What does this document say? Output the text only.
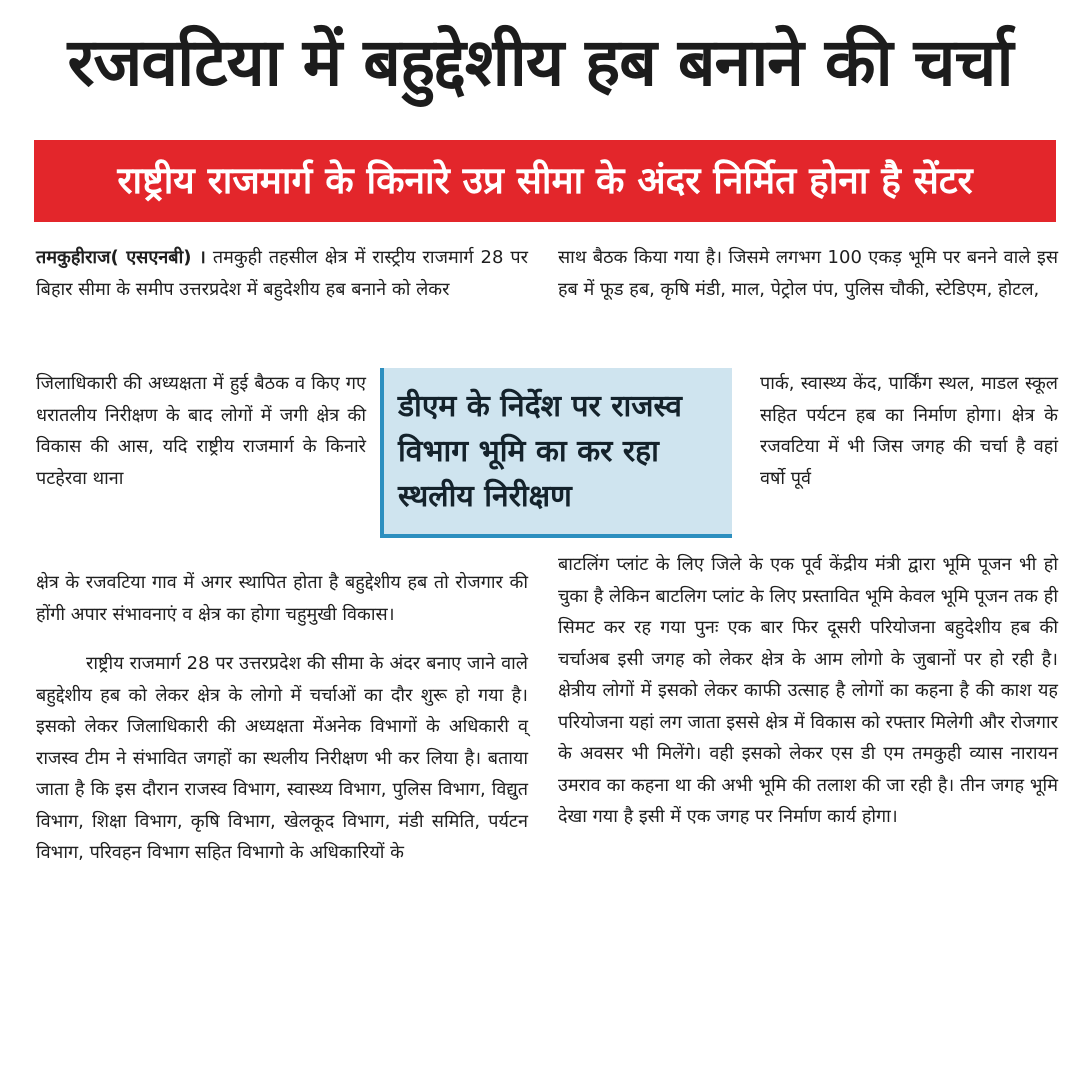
रजवटिया में बहुद्देशीय हब बनाने की चर्चा
राष्ट्रीय राजमार्ग के किनारे उप्र सीमा के अंदर निर्मित होना है सेंटर
तमकुहीराज( एसएनबी) । तमकुही तहसील क्षेत्र में रास्ट्रीय राजमार्ग 28 पर बिहार सीमा के समीप उत्तरप्रदेश में बहुदेशीय हब बनाने को लेकर
जिलाधिकारी की अध्यक्षता में हुई बैठक व किए गए धरातलीय निरीक्षण के बाद लोगों में जगी क्षेत्र की विकास की आस, यदि राष्ट्रीय राजमार्ग के किनारे पटहेरवा थाना
डीएम के निर्देश पर राजस्व विभाग भूमि का कर रहा स्थलीय निरीक्षण

क्षेत्र के रजवटिया गाव में अगर स्थापित होता है बहुद्देशीय हब तो रोजगार की होंगी अपार संभावनाएं व क्षेत्र का होगा चहुमुखी विकास।

राष्ट्रीय राजमार्ग 28 पर उत्तरप्रदेश की सीमा के अंदर बनाए जाने वाले बहुद्देशीय हब को लेकर क्षेत्र के लोगो में चर्चाओं का दौर शुरू हो गया है। इसको लेकर जिलाधिकारी की अध्यक्षता मेंअनेक विभागों के अधिकारी व् राजस्व टीम ने संभावित जगहों का स्थलीय निरीक्षण भी कर लिया है। बताया जाता है कि इस दौरान राजस्व विभाग, स्वास्थ्य विभाग, पुलिस विभाग, विद्युत विभाग, शिक्षा विभाग, कृषि विभाग, खेलकूद विभाग, मंडी समिति, पर्यटन विभाग, परिवहन विभाग सहित विभागो के अधिकारियों के

साथ बैठक किया गया है। जिसमे लगभग 100 एकड़ भूमि पर बनने वाले इस हब में फूड हब, कृषि मंडी, माल, पेट्रोल पंप, पुलिस चौकी, स्टेडिएम, होटल,
पार्क, स्वास्थ्य केंद, पार्किंग स्थल, माडल स्कूल सहित पर्यटन हब का निर्माण होगा। क्षेत्र के रजवटिया में भी जिस जगह की चर्चा है वहां वर्षो पूर्व
बाटलिंग प्लांट के लिए जिले के एक पूर्व केंद्रीय मंत्री द्वारा भूमि पूजन भी हो चुका है लेकिन बाटलिग प्लांट के लिए प्रस्तावित भूमि केवल भूमि पूजन तक ही सिमट कर रह गया पुनः एक बार फिर दूसरी परियोजना बहुदेशीय हब की चर्चाअब इसी जगह को लेकर क्षेत्र के आम लोगो के जुबानों पर हो रही है। क्षेत्रीय लोगों में इसको लेकर काफी उत्साह है लोगों का कहना है की काश यह परियोजना यहां लग जाता इससे क्षेत्र में विकास को रफ्तार मिलेगी और रोजगार के अवसर भी मिलेंगे। वही इसको लेकर एस डी एम तमकुही व्यास नारायन उमराव का कहना था की अभी भूमि की तलाश की जा रही है। तीन जगह भूमि देखा गया है इसी में एक जगह पर निर्माण कार्य होगा।
